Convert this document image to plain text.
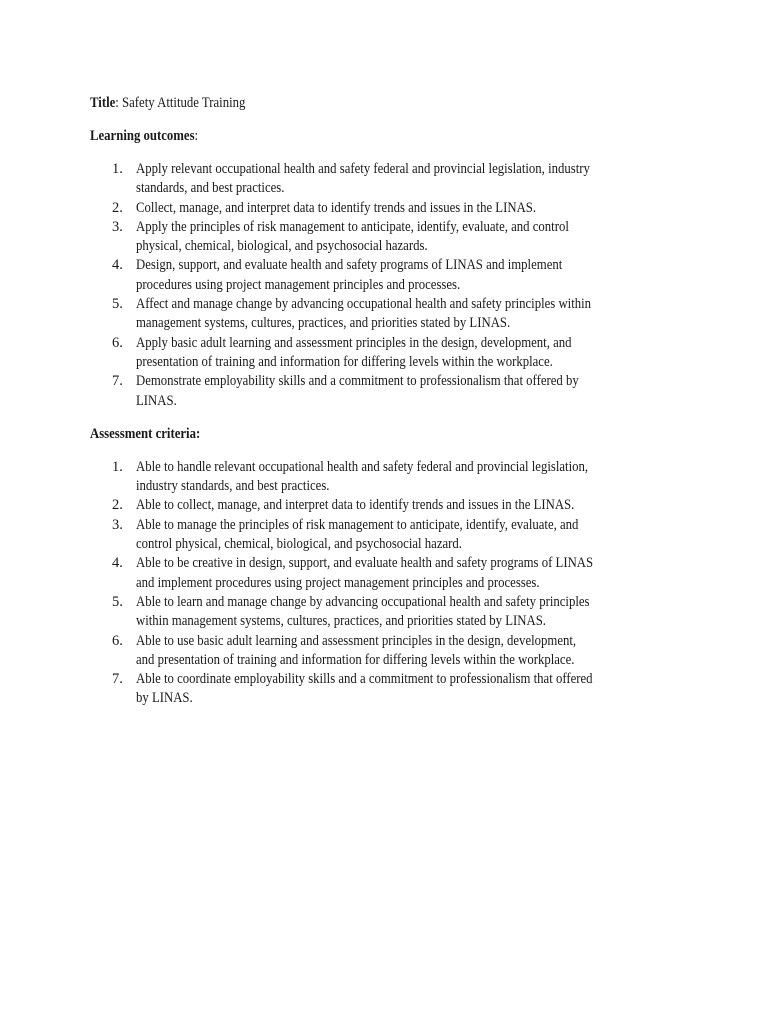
Title: Safety Attitude Training
Learning outcomes:
1. Apply relevant occupational health and safety federal and provincial legislation, industry
standards, and best practices.
2. Collect, manage, and interpret data to identify trends and issues in the LINAS.
3. Apply the principles of risk management to anticipate, identify, evaluate, and control
physical, chemical, biological, and psychosocial hazards.
4. Design, support, and evaluate health and safety programs of LINAS and implement
procedures using project management principles and processes.
5. Affect and manage change by advancing occupational health and safety principles within
management systems, cultures, practices, and priorities stated by LINAS.
6. Apply basic adult learning and assessment principles in the design, development, and
presentation of training and information for differing levels within the workplace.
7. Demonstrate employability skills and a commitment to professionalism that offered by
LINAS.
Assessment criteria:
1. Able to handle relevant occupational health and safety federal and provincial legislation,
industry standards, and best practices.
2. Able to collect, manage, and interpret data to identify trends and issues in the LINAS.
3. Able to manage the principles of risk management to anticipate, identify, evaluate, and
control physical, chemical, biological, and psychosocial hazard.
4. Able to be creative in design, support, and evaluate health and safety programs of LINAS
and implement procedures using project management principles and processes.
5. Able to learn and manage change by advancing occupational health and safety principles
within management systems, cultures, practices, and priorities stated by LINAS.
6. Able to use basic adult learning and assessment principles in the design, development,
and presentation of training and information for differing levels within the workplace.
7. Able to coordinate employability skills and a commitment to professionalism that offered
by LINAS.
